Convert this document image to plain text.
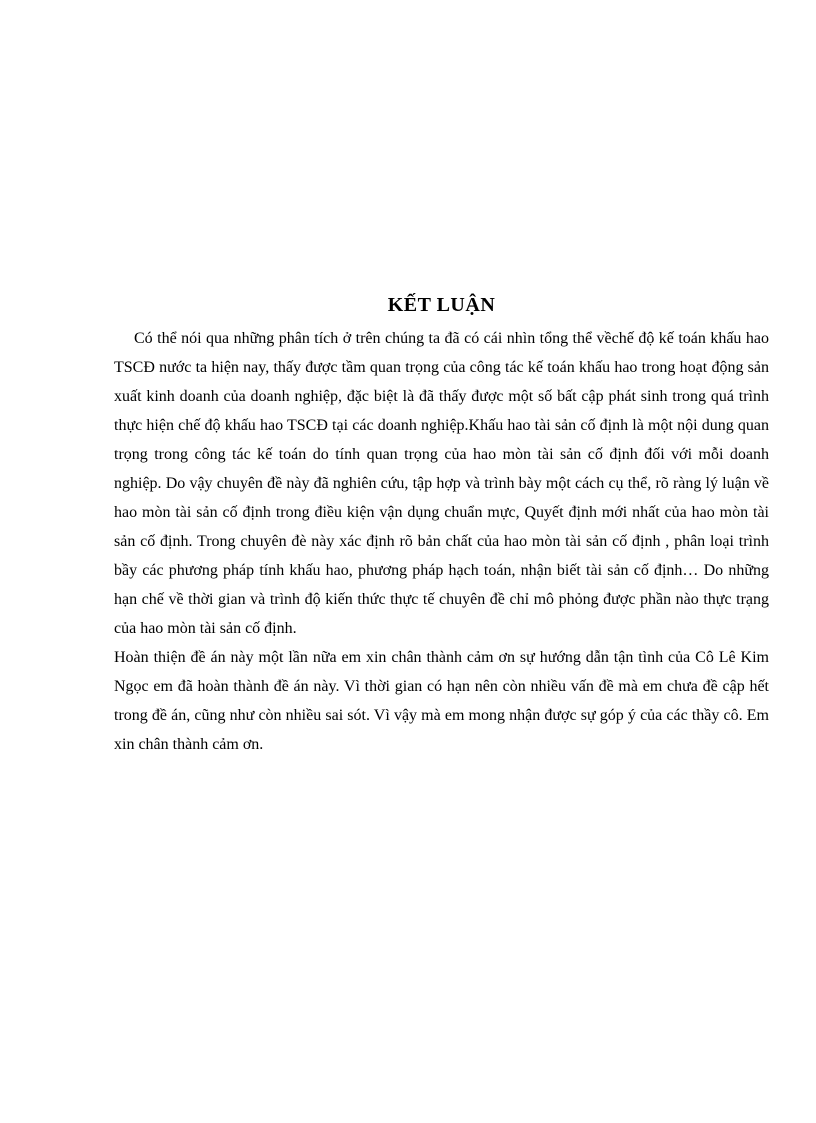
KẾT LUẬN

Có thể nói qua những phân tích ở trên chúng ta đã có cái nhìn tổng thể vềchế độ kế toán khấu hao TSCĐ nước ta hiện nay, thấy được tầm quan trọng của công tác kế toán khấu hao trong hoạt động sản xuất kinh doanh của doanh nghiệp, đặc biệt là đã thấy được một số bất cập phát sinh trong quá trình thực hiện chế độ khấu hao TSCĐ tại các doanh nghiệp.Khấu hao tài sản cố định là một nội dung quan trọng trong công tác kế toán do tính quan trọng của hao mòn tài sản cố định đối với mỗi doanh nghiệp. Do vậy chuyên đề này đã nghiên cứu, tập hợp và trình bày một cách cụ thể, rõ ràng lý luận về hao mòn tài sản cố định trong điều kiện vận dụng chuẩn mực, Quyết định mới nhất của hao mòn tài sản cố định. Trong chuyên đè này xác định rõ bản chất của hao mòn tài sản cố định , phân loại trình bầy các phương pháp tính khấu hao, phương pháp hạch toán, nhận biết tài sản cố định… Do những hạn chế về thời gian và trình độ kiến thức thực tế chuyên đề chỉ mô phỏng được phần nào thực trạng của hao mòn tài sản cố định.

Hoàn thiện đề án này một lần nữa em xin chân thành cảm ơn sự hướng dẫn tận tình của Cô Lê Kim Ngọc em đã hoàn thành đề án này. Vì thời gian có hạn nên còn nhiều vấn đề mà em chưa đề cập hết trong đề án, cũng như còn nhiều sai sót. Vì vậy mà em mong nhận được sự góp ý của các thầy cô. Em xin chân thành cảm ơn.
